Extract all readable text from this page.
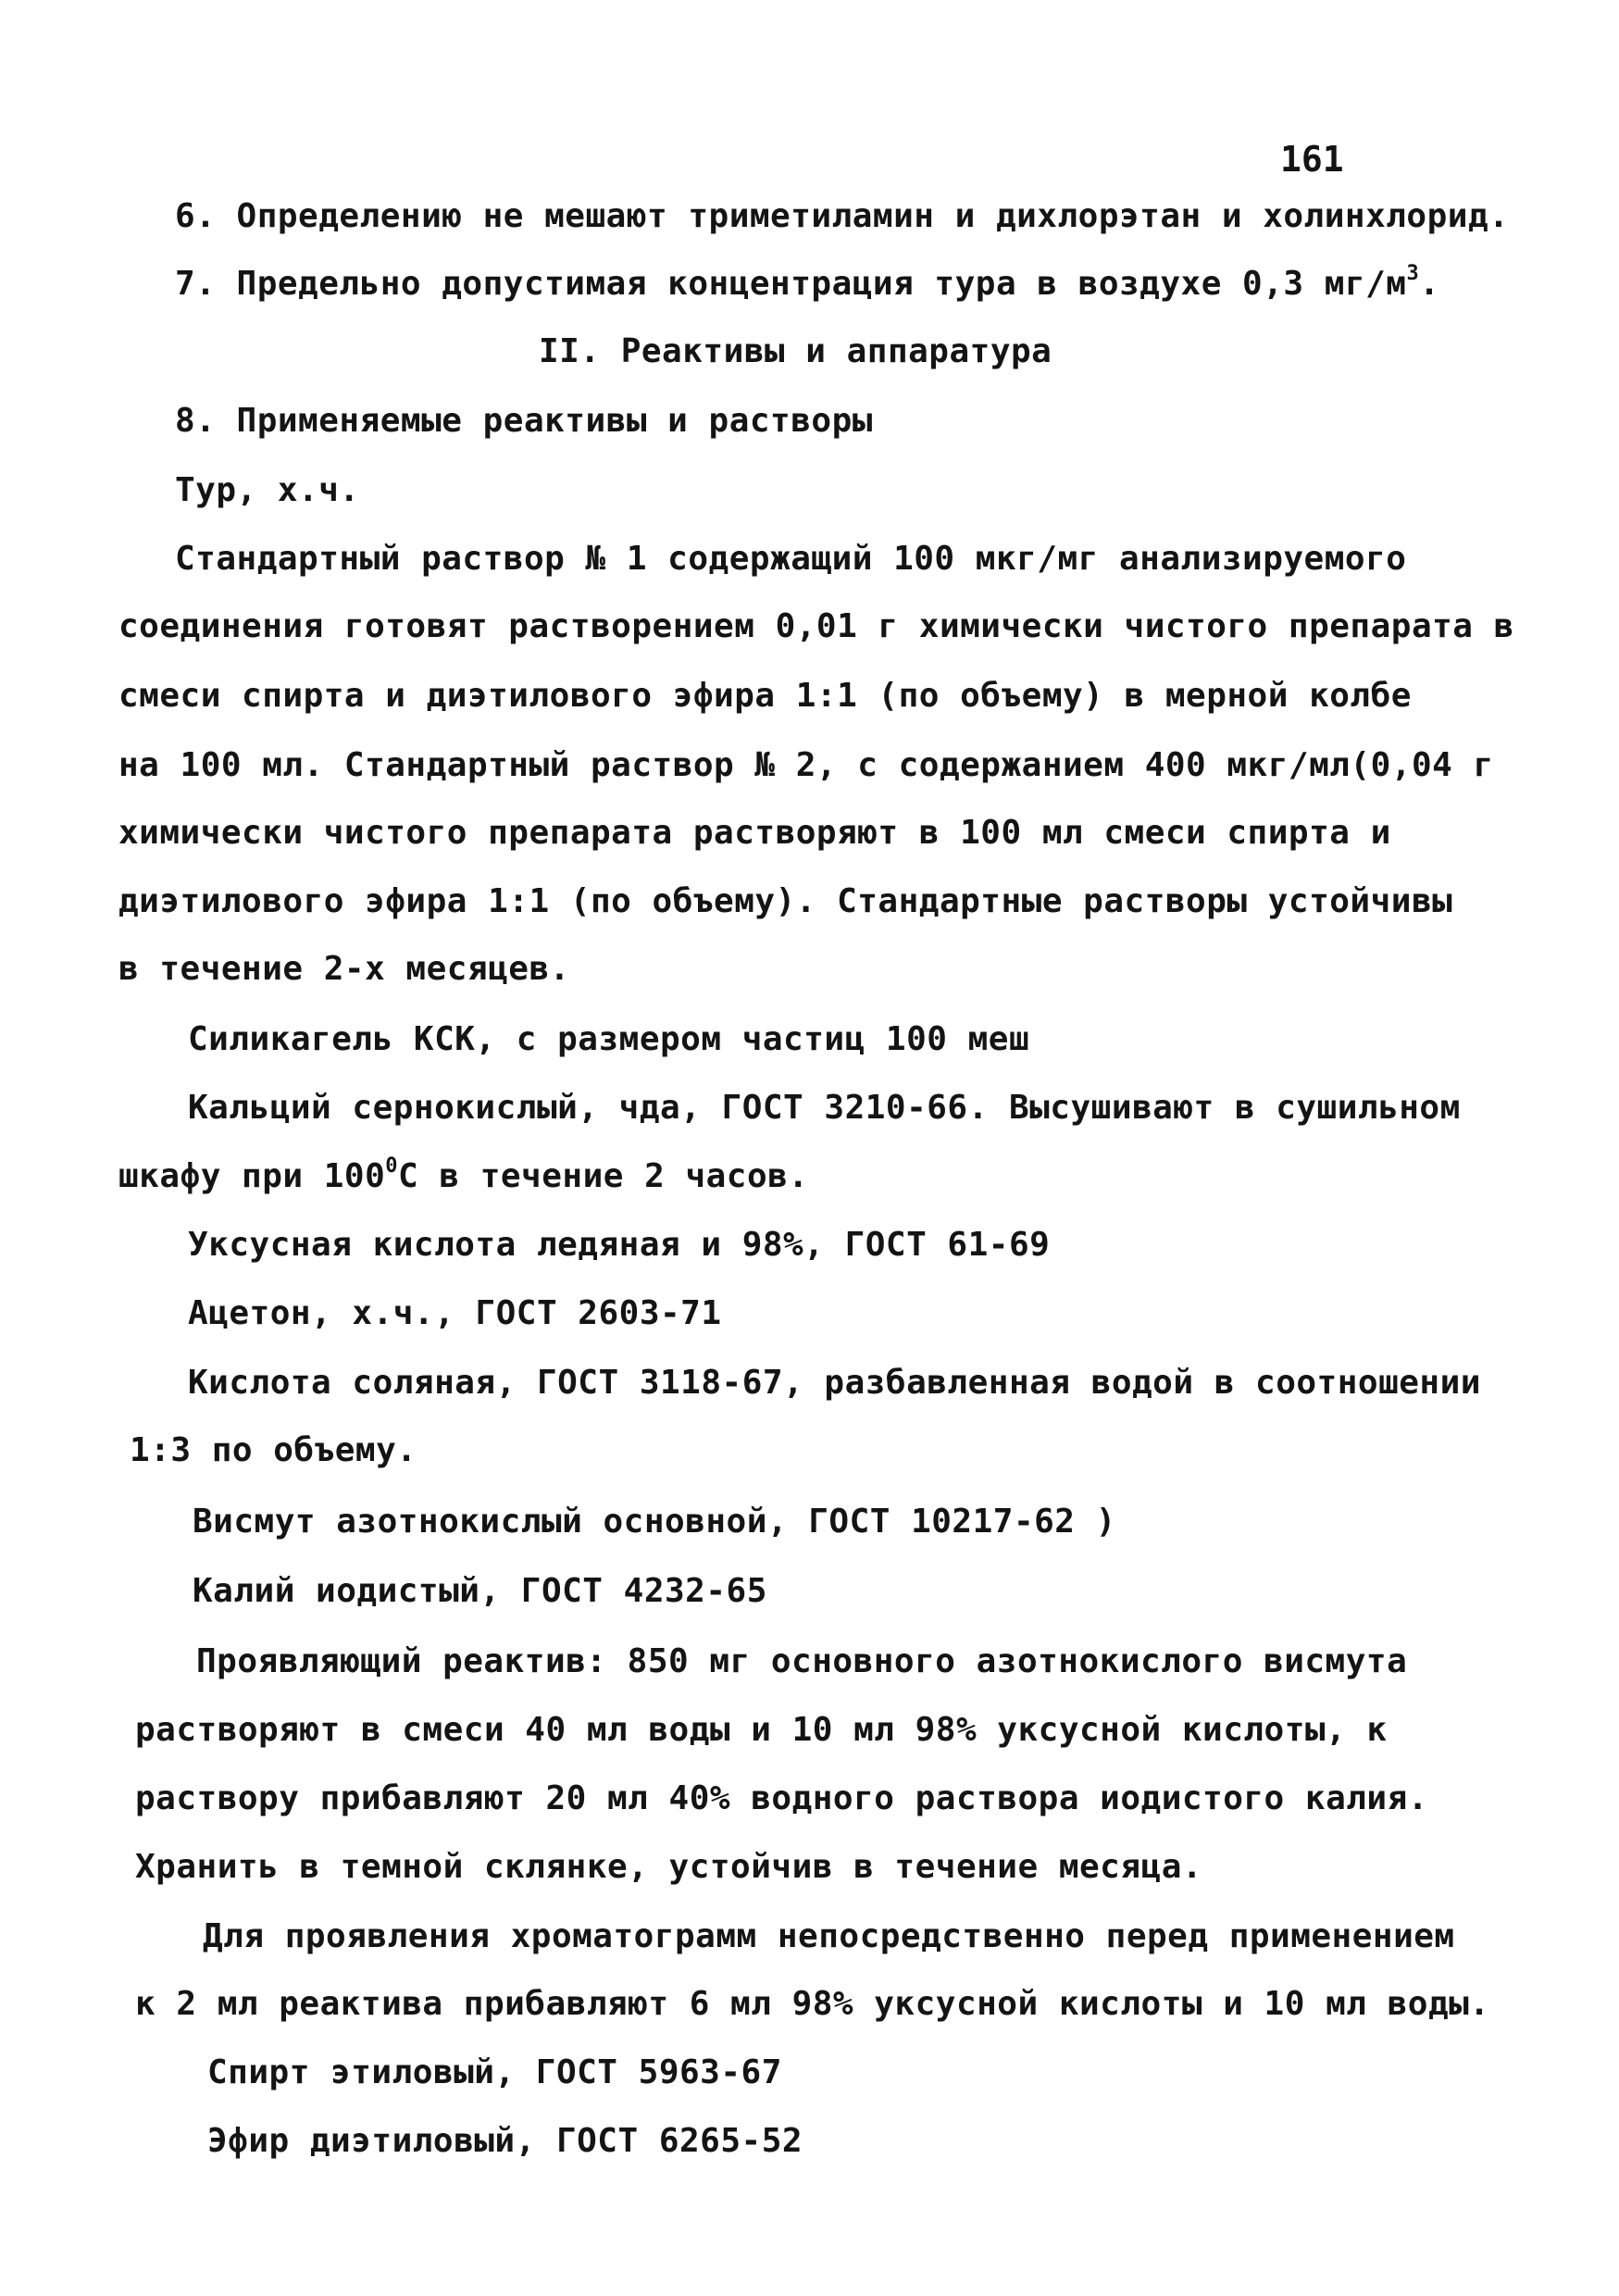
161
6. Определению не мешают триметиламин и дихлорэтан и холинхлорид.
7. Предельно допустимая концентрация тура в воздухе 0,3 $мг/м^3$.
II. Реактивы и аппаратура
8. Применяемые реактивы и растворы
Тур, х.ч.
Стандартный раствор № 1 содержащий 100 мкг/мг анализируемого
соединения готовят растворением 0,01 г химически чистого препарата в
смеси спирта и диэтилового эфира 1:1 (по объему) в мерной колбе
на 100 мл. Стандартный раствор № 2, с содержанием 400 мкг/мл(0,04 г
химически чистого препарата растворяют в 100 мл смеси спирта и
диэтилового эфира 1:1 (по объему). Стандартные растворы устойчивы
в течение 2-х месяцев.
Силикагель КСК, с размером частиц 100 меш
Кальций сернокислый, чда, ГОСТ 3210-66. Высушивают в сушильном
шкафу при $100^0С$ в течение 2 часов.
Уксусная кислота ледяная и 98%, ГОСТ 61-69
Ацетон, х.ч., ГОСТ 2603-71
Кислота соляная, ГОСТ 3118-67, разбавленная водой в соотношении
1:3 по объему.
Висмут азотнокислый основной, ГОСТ 10217-62 )
Калий иодистый, ГОСТ 4232-65
Проявляющий реактив: 850 мг основного азотнокислого висмута
растворяют в смеси 40 мл воды и 10 мл 98% уксусной кислоты, к
раствору прибавляют 20 мл 40% водного раствора иодистого калия.
Хранить в темной склянке, устойчив в течение месяца.
Для проявления хроматограмм непосредственно перед применением
к 2 мл реактива прибавляют 6 мл 98% уксусной кислоты и 10 мл воды.
Спирт этиловый, ГОСТ 5963-67
Эфир диэтиловый, ГОСТ 6265-52
